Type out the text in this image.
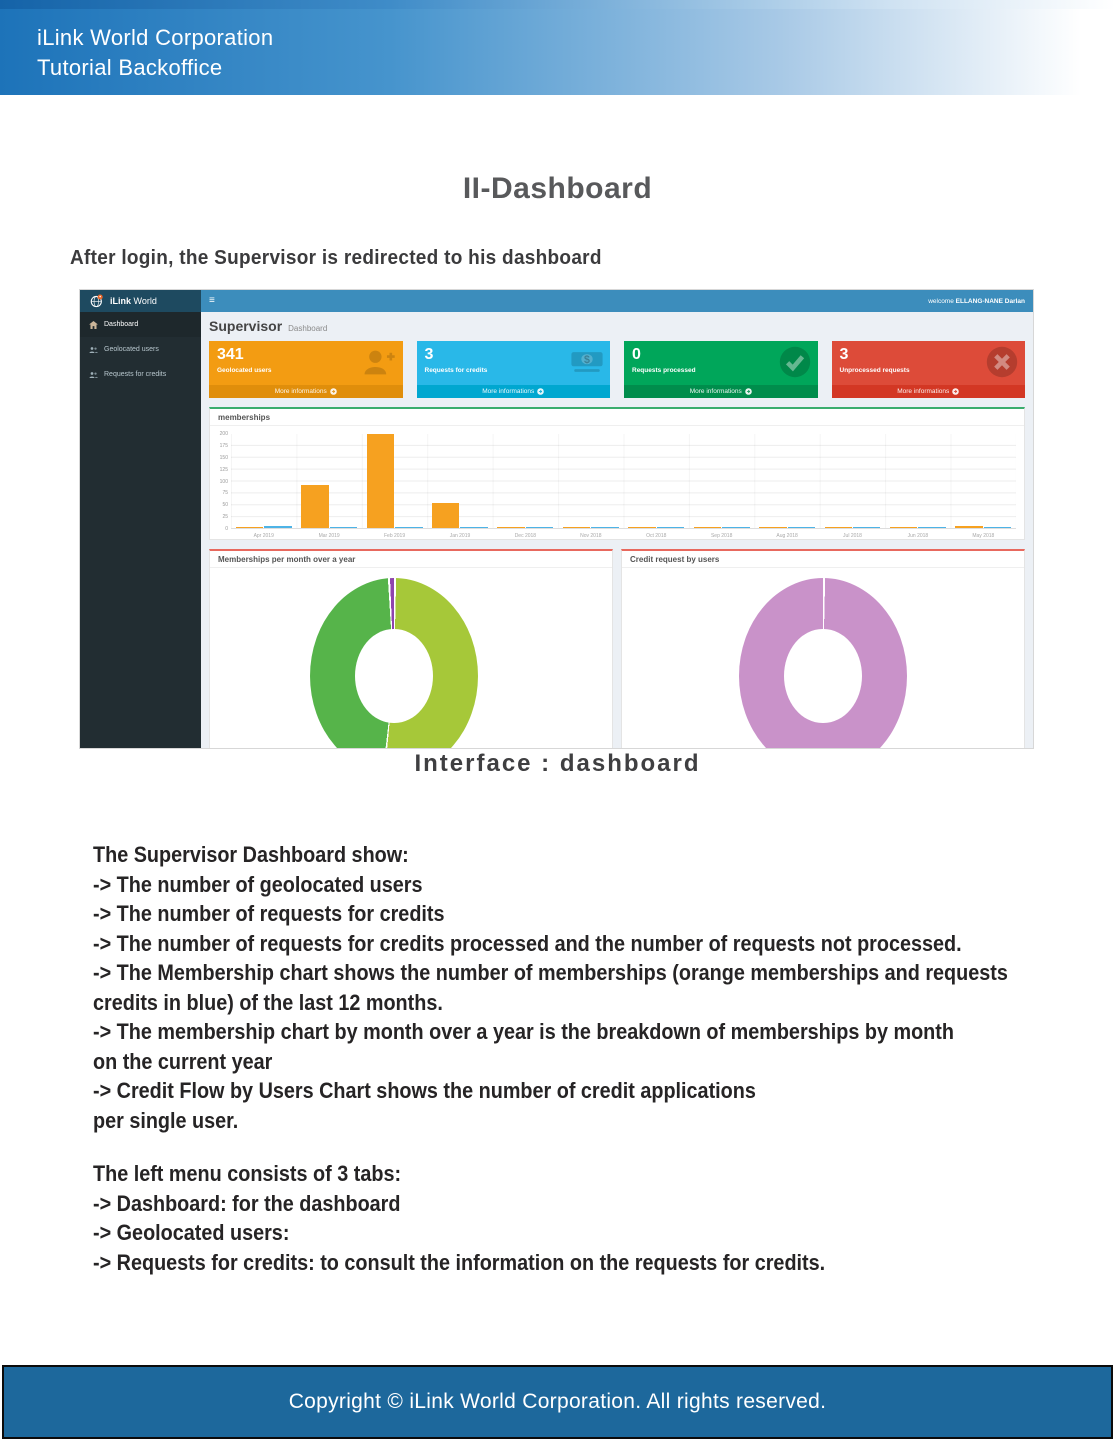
iLink World Corporation
Tutorial Backoffice
II-Dashboard
After login, the Supervisor is redirected to his dashboard
iLink World	≡	welcome ELLANG-NANE Darlan
Dashboard
Geolocated users
Requests for credits
Supervisor Dashboard
341
Geolocated users
More informations
3
Requests for credits
$
More informations
0
Requests processed
More informations
3
Unprocessed requests
More informations
memberships
0
25
50
75
100
125
150
175
200
Apr 2019	Mar 2019	Feb 2019	Jan 2019	Dec 2018	Nov 2018	Oct 2018	Sep 2018	Aug 2018	Jul 2018	Jun 2018	May 2018
Memberships per month over a year	Credit request by users
Interface : dashboard
The Supervisor Dashboard show:
-> The number of geolocated users
-> The number of requests for credits
-> The number of requests for credits processed and the number of requests not processed.
-> The Membership chart shows the number of memberships (orange memberships and requests
credits in blue) of the last 12 months.
-> The membership chart by month over a year is the breakdown of memberships by month
on the current year
-> Credit Flow by Users Chart shows the number of credit applications
per single user.
The left menu consists of 3 tabs:
-> Dashboard: for the dashboard
-> Geolocated users:
-> Requests for credits: to consult the information on the requests for credits.
Copyright © iLink World Corporation. All rights reserved.
